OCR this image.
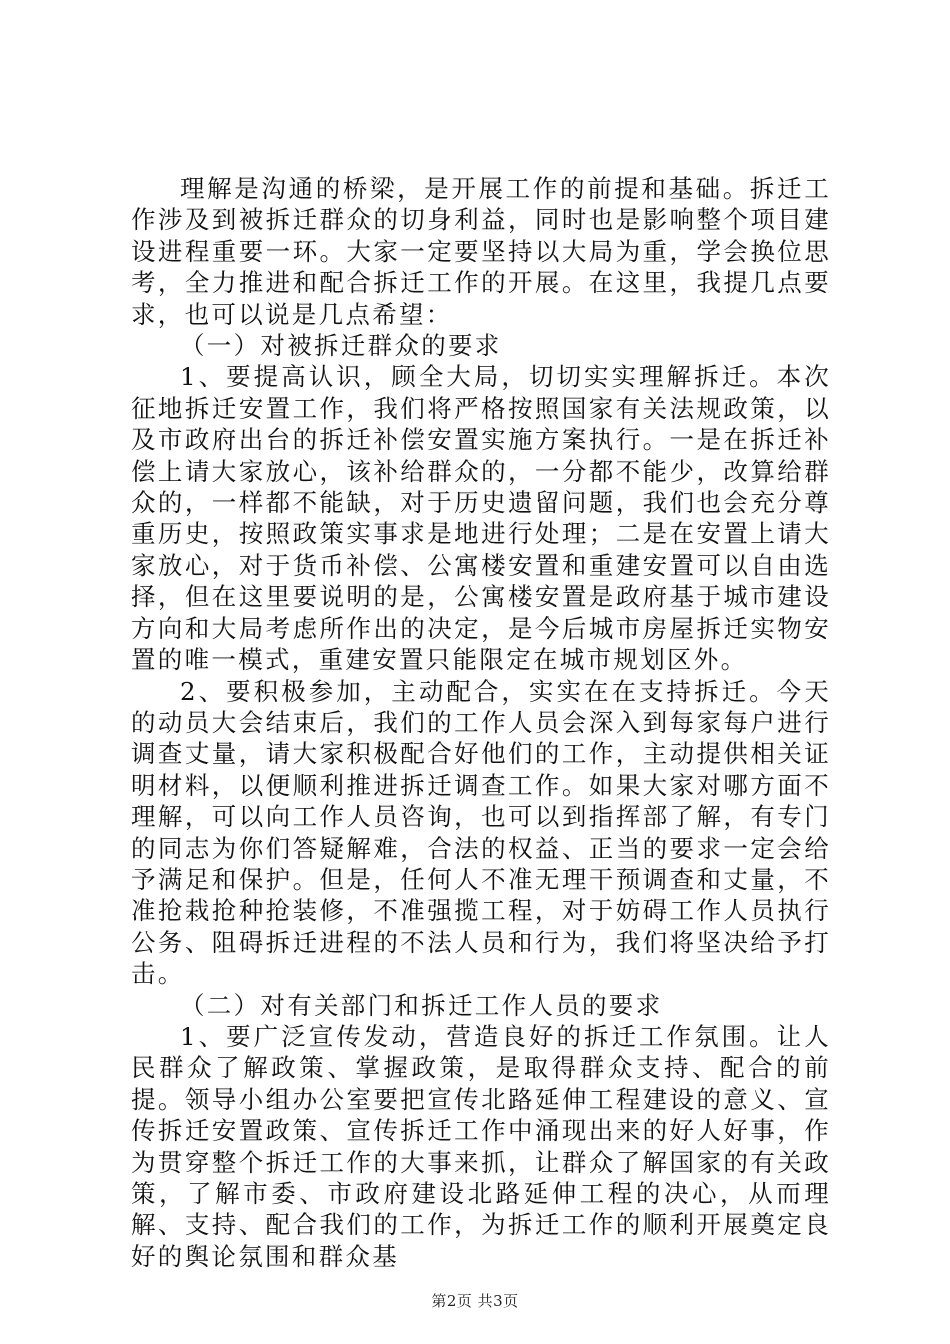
理解是沟通的桥梁，是开展工作的前提和基础。拆迁工作涉及到被拆迁群众的切身利益，同时也是影响整个项目建设进程重要一环。大家一定要坚持以大局为重，学会换位思考，全力推进和配合拆迁工作的开展。在这里，我提几点要求，也可以说是几点希望：

（一）对被拆迁群众的要求

1、要提高认识，顾全大局，切切实实理解拆迁。本次征地拆迁安置工作，我们将严格按照国家有关法规政策，以及市政府出台的拆迁补偿安置实施方案执行。一是在拆迁补偿上请大家放心，该补给群众的，一分都不能少，改算给群众的，一样都不能缺，对于历史遗留问题，我们也会充分尊重历史，按照政策实事求是地进行处理；二是在安置上请大家放心，对于货币补偿、公寓楼安置和重建安置可以自由选择，但在这里要说明的是，公寓楼安置是政府基于城市建设方向和大局考虑所作出的决定，是今后城市房屋拆迁实物安置的唯一模式，重建安置只能限定在城市规划区外。

2、要积极参加，主动配合，实实在在支持拆迁。今天的动员大会结束后，我们的工作人员会深入到每家每户进行调查丈量，请大家积极配合好他们的工作，主动提供相关证明材料，以便顺利推进拆迁调查工作。如果大家对哪方面不理解，可以向工作人员咨询，也可以到指挥部了解，有专门的同志为你们答疑解难，合法的权益、正当的要求一定会给予满足和保护。但是，任何人不准无理干预调查和丈量，不准抢栽抢种抢装修，不准强揽工程，对于妨碍工作人员执行公务、阻碍拆迁进程的不法人员和行为，我们将坚决给予打击。

（二）对有关部门和拆迁工作人员的要求

1、要广泛宣传发动，营造良好的拆迁工作氛围。让人民群众了解政策、掌握政策，是取得群众支持、配合的前提。领导小组办公室要把宣传北路延伸工程建设的意义、宣传拆迁安置政策、宣传拆迁工作中涌现出来的好人好事，作为贯穿整个拆迁工作的大事来抓，让群众了解国家的有关政策，了解市委、市政府建设北路延伸工程的决心，从而理解、支持、配合我们的工作，为拆迁工作的顺利开展奠定良好的舆论氛围和群众基

第2页 共3页
